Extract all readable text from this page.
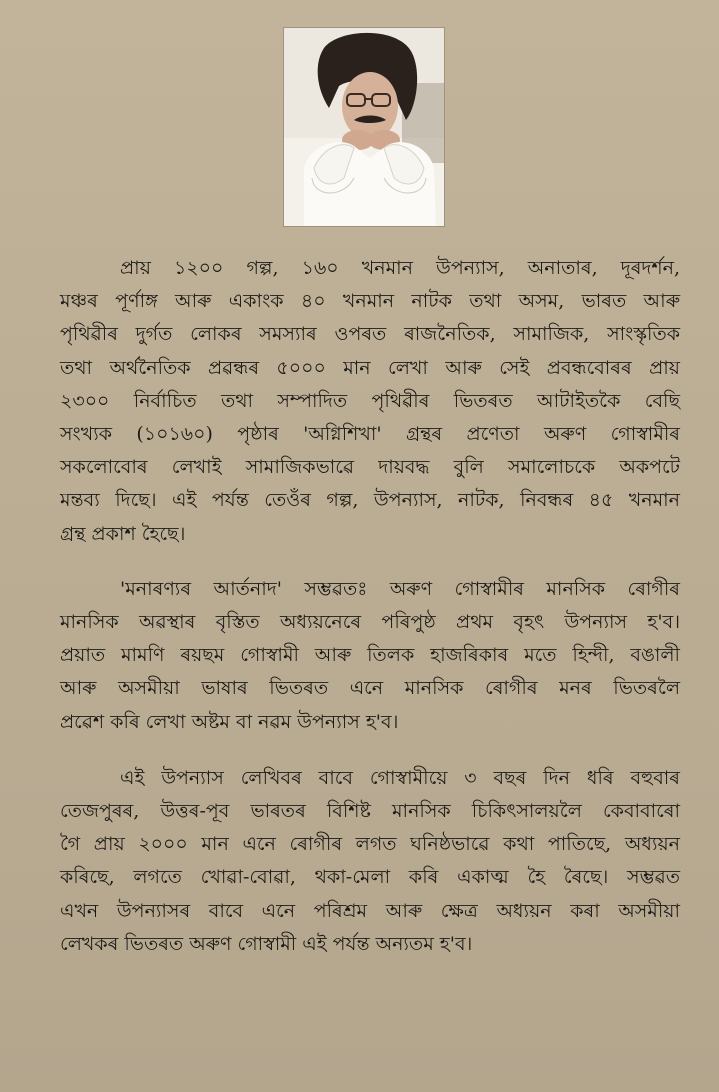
প্ৰায় ১২০০ গল্প, ১৬০ খনমান উপন্যাস, অনাতাৰ, দূৰদৰ্শন,
মঞ্চৰ পূৰ্ণাঙ্গ আৰু একাংক ৪০ খনমান নাটক তথা অসম, ভাৰত আৰু
পৃথিৱীৰ দুৰ্গত লোকৰ সমস্যাৰ ওপৰত ৰাজনৈতিক, সামাজিক, সাংস্কৃতিক
তথা অৰ্থনৈতিক প্ৰৱন্ধৰ ৫০০০ মান লেখা আৰু সেই প্ৰবন্ধবোৰৰ প্ৰায়
২৩০০ নিৰ্বাচিত তথা সম্পাদিত পৃথিৱীৰ ভিতৰত আটাইতকৈ বেছি
সংখ্যক (১০১৬০) পৃষ্ঠাৰ 'অগ্নিশিখা' গ্ৰন্থৰ প্ৰণেতা অৰুণ গোস্বামীৰ
সকলোবোৰ লেখাই সামাজিকভাৱে দায়বদ্ধ বুলি সমালোচকে অকপটে
মন্তব্য দিছে। এই পৰ্যন্ত তেওঁৰ গল্প, উপন্যাস, নাটক, নিবন্ধৰ ৪৫ খনমান
গ্ৰন্থ প্ৰকাশ হৈছে।

'মনাৰণ্যৰ আৰ্তনাদ' সম্ভৱতঃ অৰুণ গোস্বামীৰ মানসিক ৰোগীৰ
মানসিক অৱস্থাৰ বৃস্তিত অধ্যয়নেৰে পৰিপুষ্ঠ প্ৰথম বৃহৎ উপন্যাস হ'ব।
প্ৰয়াত মামণি ৰয়ছম গোস্বামী আৰু তিলক হাজৰিকাৰ মতে হিন্দী, বঙালী
আৰু অসমীয়া ভাষাৰ ভিতৰত এনে মানসিক ৰোগীৰ মনৰ ভিতৰলৈ
প্ৰৱেশ কৰি লেখা অষ্টম বা নৱম উপন্যাস হ'ব।

এই উপন্যাস লেখিবৰ বাবে গোস্বামীয়ে ৩ বছৰ দিন ধৰি বহুবাৰ
তেজপুৰৰ, উত্তৰ-পূব ভাৰতৰ বিশিষ্ট মানসিক চিকিৎসালয়লৈ কেবাবাৰো
গৈ প্ৰায় ২০০০ মান এনে ৰোগীৰ লগত ঘনিষ্ঠভাৱে কথা পাতিছে, অধ্যয়ন
কৰিছে, লগতে খোৱা-বোৱা, থকা-মেলা কৰি একাত্ম হৈ ৰৈছে। সম্ভৱত
এখন উপন্যাসৰ বাবে এনে পৰিশ্ৰম আৰু ক্ষেত্ৰ অধ্যয়ন কৰা অসমীয়া
লেখকৰ ভিতৰত অৰুণ গোস্বামী এই পৰ্যন্ত অন্যতম হ'ব।
